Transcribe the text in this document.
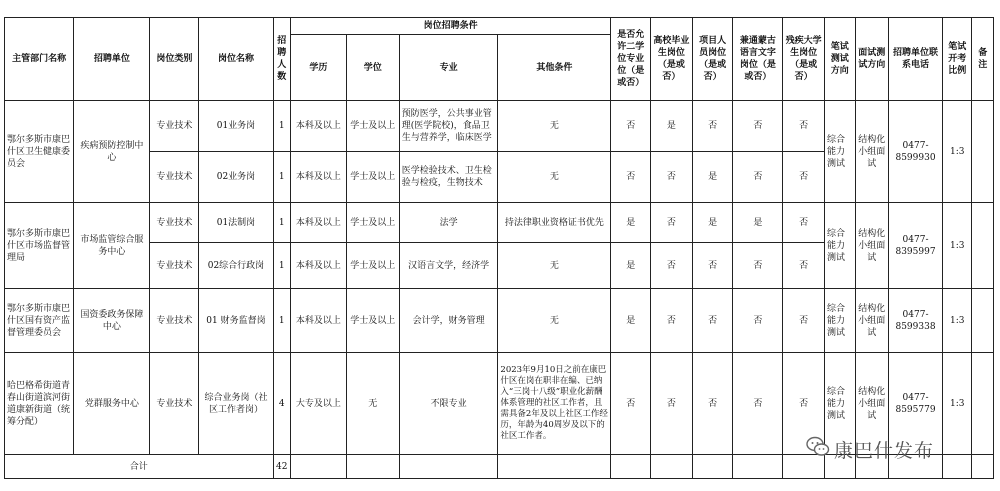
主管部门名称	招聘单位	岗位类别	岗位名称	招聘人数	岗位招聘条件				是否允许二学位专业位（是或否）	高校毕业生岗位（是或否）	项目人员岗位（是或否）	兼通蒙古语言文字岗位（是或否）	残疾大学生岗位（是或否）	笔试测试方向	面试测试方向	招聘单位联系电话	笔试开考比例	备注
					学历	学位	专业	其他条件										
鄂尔多斯市康巴什区卫生健康委员会	疾病预防控制中心	专业技术	01业务岗	1	本科及以上	学士及以上	预防医学，公共事业管理(医学院校)，食品卫生与营养学，临床医学	无	否	是	否	否	否	综合能力测试	结构化小组面试	0477-8599930	1:3	
		专业技术	02业务岗	1	本科及以上	学士及以上	医学检验技术、卫生检验与检疫，生物技术	无	否	否	是	否	否					
鄂尔多斯市康巴什区市场监督管理局	市场监管综合服务中心	专业技术	01法制岗	1	本科及以上	学士及以上	法学	持法律职业资格证书优先	是	否	是	是	否	综合能力测试	结构化小组面试	0477-8395997	1:3	
		专业技术	02综合行政岗	1	本科及以上	学士及以上	汉语言文学，经济学	无	是	否	否	否	否					
鄂尔多斯市康巴什区国有资产监督管理委员会	国资委政务保障中心	专业技术	01 财务监督岗	1	本科及以上	学士及以上	会计学，财务管理	无	是	否	否	否	否	综合能力测试	结构化小组面试	0477-8599338	1:3	
哈巴格希街道青春山街道滨河街道康新街道（统筹分配）	党群服务中心	专业技术	综合业务岗（社区工作者岗）	4	大专及以上	无	不限专业	2023年9月10日之前在康巴什区在岗在职非在编、已纳入“三岗十八级”职业化薪酬体系管理的社区工作者，且需具备2年及以上社区工作经历，年龄为40周岁及以下的社区工作者。	否	否	否	否	否	综合能力测试	结构化小组面试	0477-8595779	1:3	
合计				42														
康巴什发布
